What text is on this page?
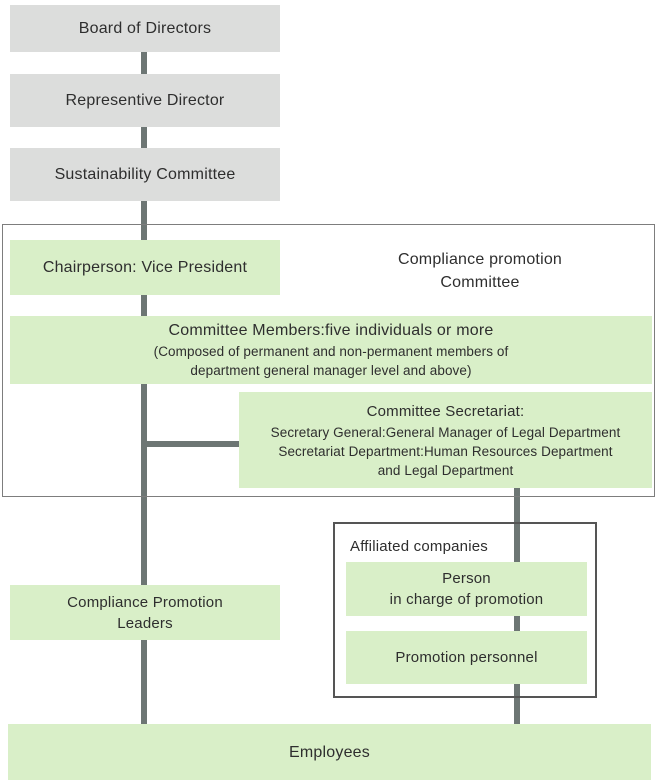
Board of Directors
Representive Director
Sustainability Committee
Compliance promotion
Committee
Chairperson: Vice President
Committee Members:five individuals or more
(Composed of permanent and non-permanent members of
department general manager level and above)
Committee Secretariat:
Secretary General:General Manager of Legal Department
Secretariat Department:Human Resources Department
and Legal Department
Affiliated companies
Person
in charge of promotion
Promotion personnel
Compliance Promotion
Leaders
Employees
